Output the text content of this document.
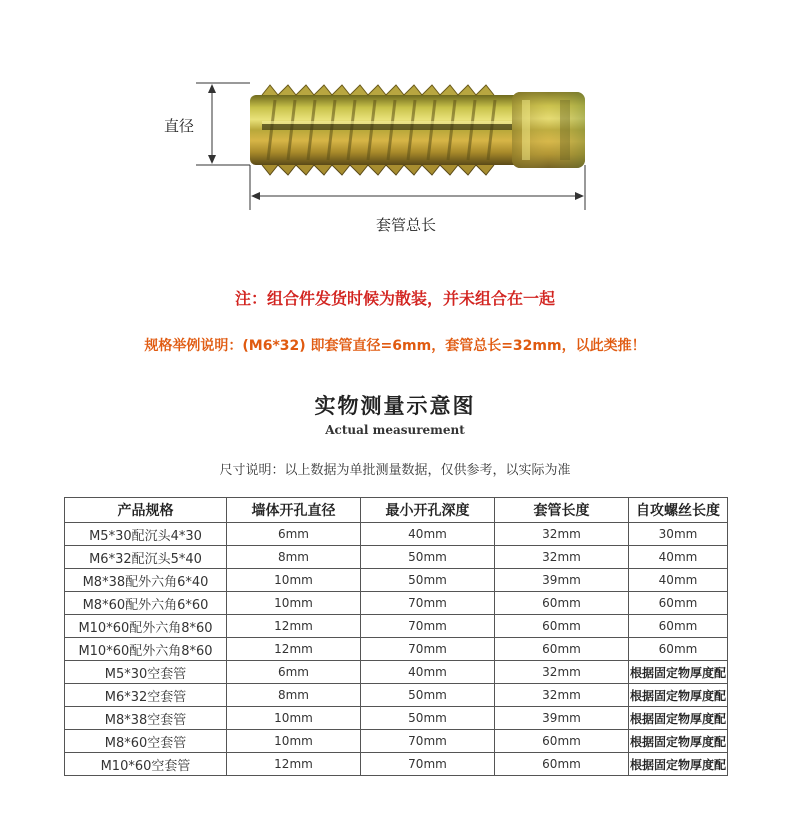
直径
套管总长
注：组合件发货时候为散装，并未组合在一起
规格举例说明：(M6*32) 即套管直径=6mm，套管总长=32mm，以此类推！
实物测量示意图
Actual measurement
尺寸说明：以上数据为单批测量数据，仅供参考，以实际为准
产品规格	墙体开孔直径	最小开孔深度	套管长度	自攻螺丝长度
M5*30配沉头4*30	6mm	40mm	32mm	30mm
M6*32配沉头5*40	8mm	50mm	32mm	40mm
M8*38配外六角6*40	10mm	50mm	39mm	40mm
M8*60配外六角6*60	10mm	70mm	60mm	60mm
M10*60配外六角8*60	12mm	70mm	60mm	60mm
M10*60配外六角8*60	12mm	70mm	60mm	60mm
M5*30空套管	6mm	40mm	32mm	根据固定物厚度配
M6*32空套管	8mm	50mm	32mm	根据固定物厚度配
M8*38空套管	10mm	50mm	39mm	根据固定物厚度配
M8*60空套管	10mm	70mm	60mm	根据固定物厚度配
M10*60空套管	12mm	70mm	60mm	根据固定物厚度配
